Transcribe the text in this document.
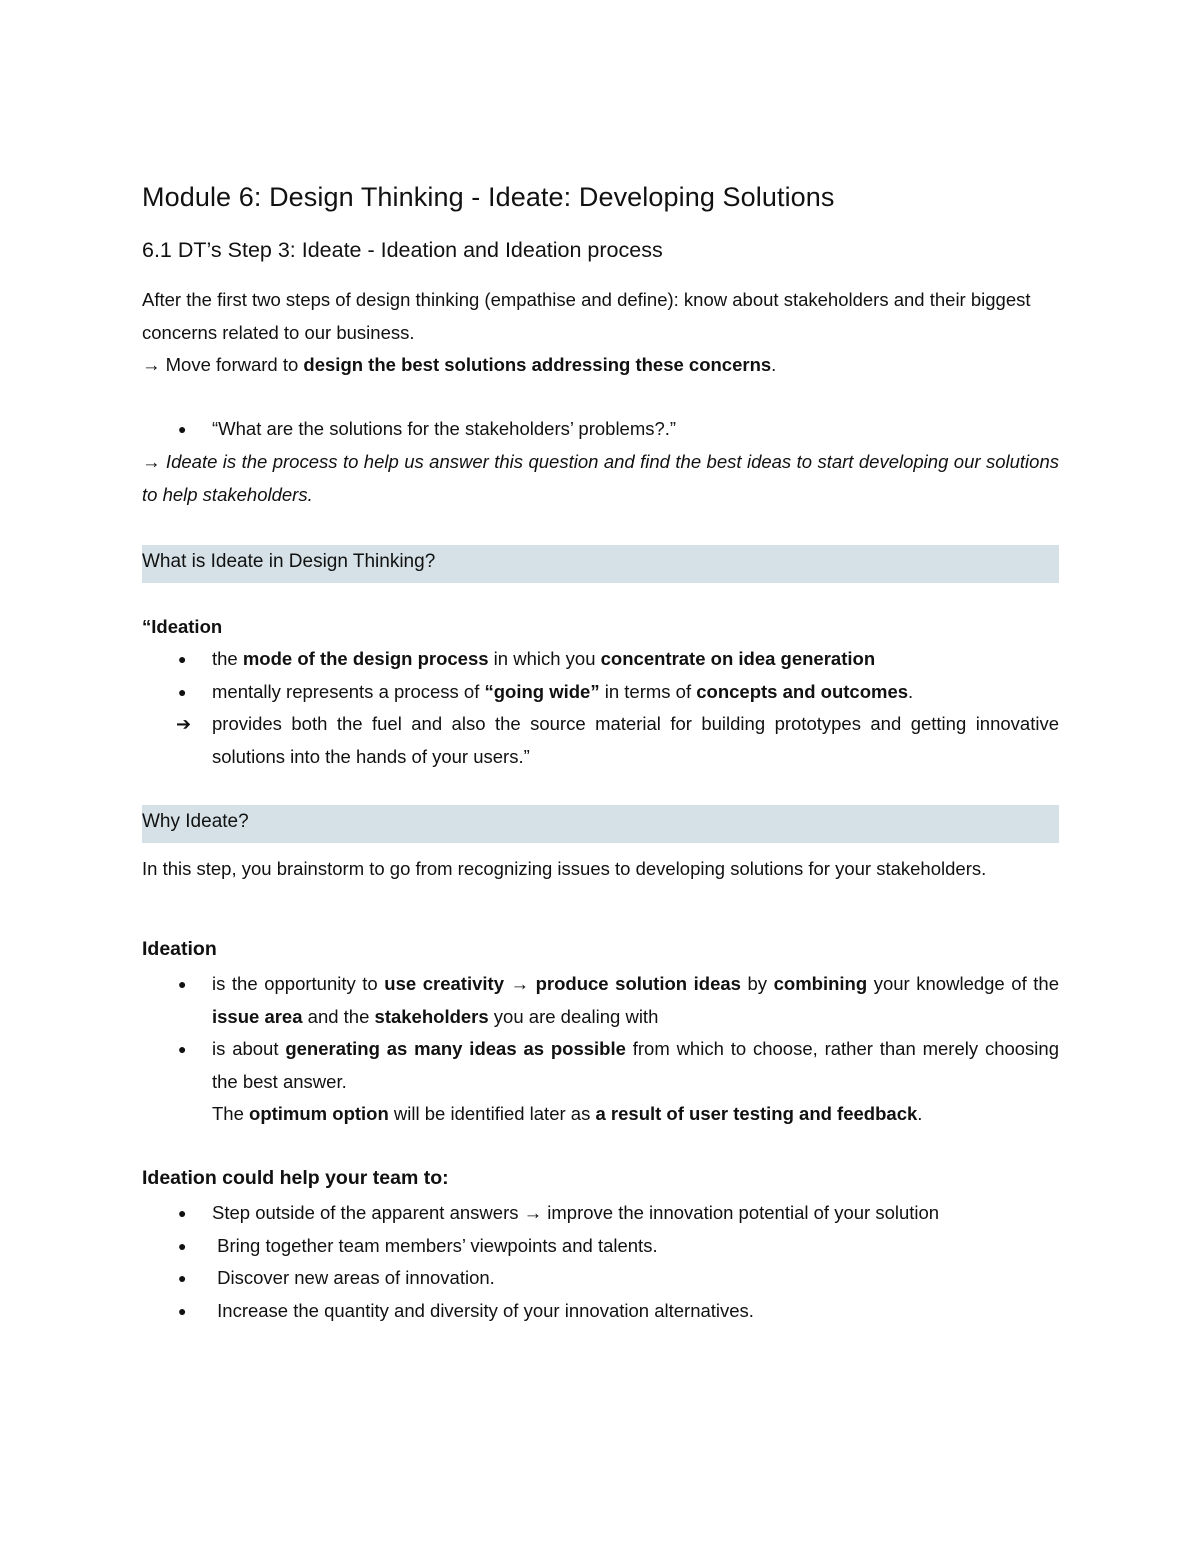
Module 6: Design Thinking - Ideate: Developing Solutions
6.1 DT’s Step 3: Ideate - Ideation and Ideation process

After the first two steps of design thinking (empathise and define): know about stakeholders and their biggest concerns related to our business.
→ Move forward to design the best solutions addressing these concerns.

● “What are the solutions for the stakeholders’ problems?.”

→ Ideate is the process to help us answer this question and find the best ideas to start developing our solutions to help stakeholders.

What is Ideate in Design Thinking?

“Ideation

● the mode of the design process in which you concentrate on idea generation
● mentally represents a process of “going wide” in terms of concepts and outcomes.
➔ provides both the fuel and also the source material for building prototypes and getting innovative solutions into the hands of your users.”
Why Ideate?

In this step, you brainstorm to go from recognizing issues to developing solutions for your stakeholders.

Ideation
● is the opportunity to use creativity → produce solution ideas by combining your knowledge of the issue area and the stakeholders you are dealing with
● is about generating as many ideas as possible from which to choose, rather than merely choosing the best answer.
The optimum option will be identified later as a result of user testing and feedback.
Ideation could help your team to:
● Step outside of the apparent answers → improve the innovation potential of your solution
● Bring together team members’ viewpoints and talents.
● Discover new areas of innovation.
● Increase the quantity and diversity of your innovation alternatives.
